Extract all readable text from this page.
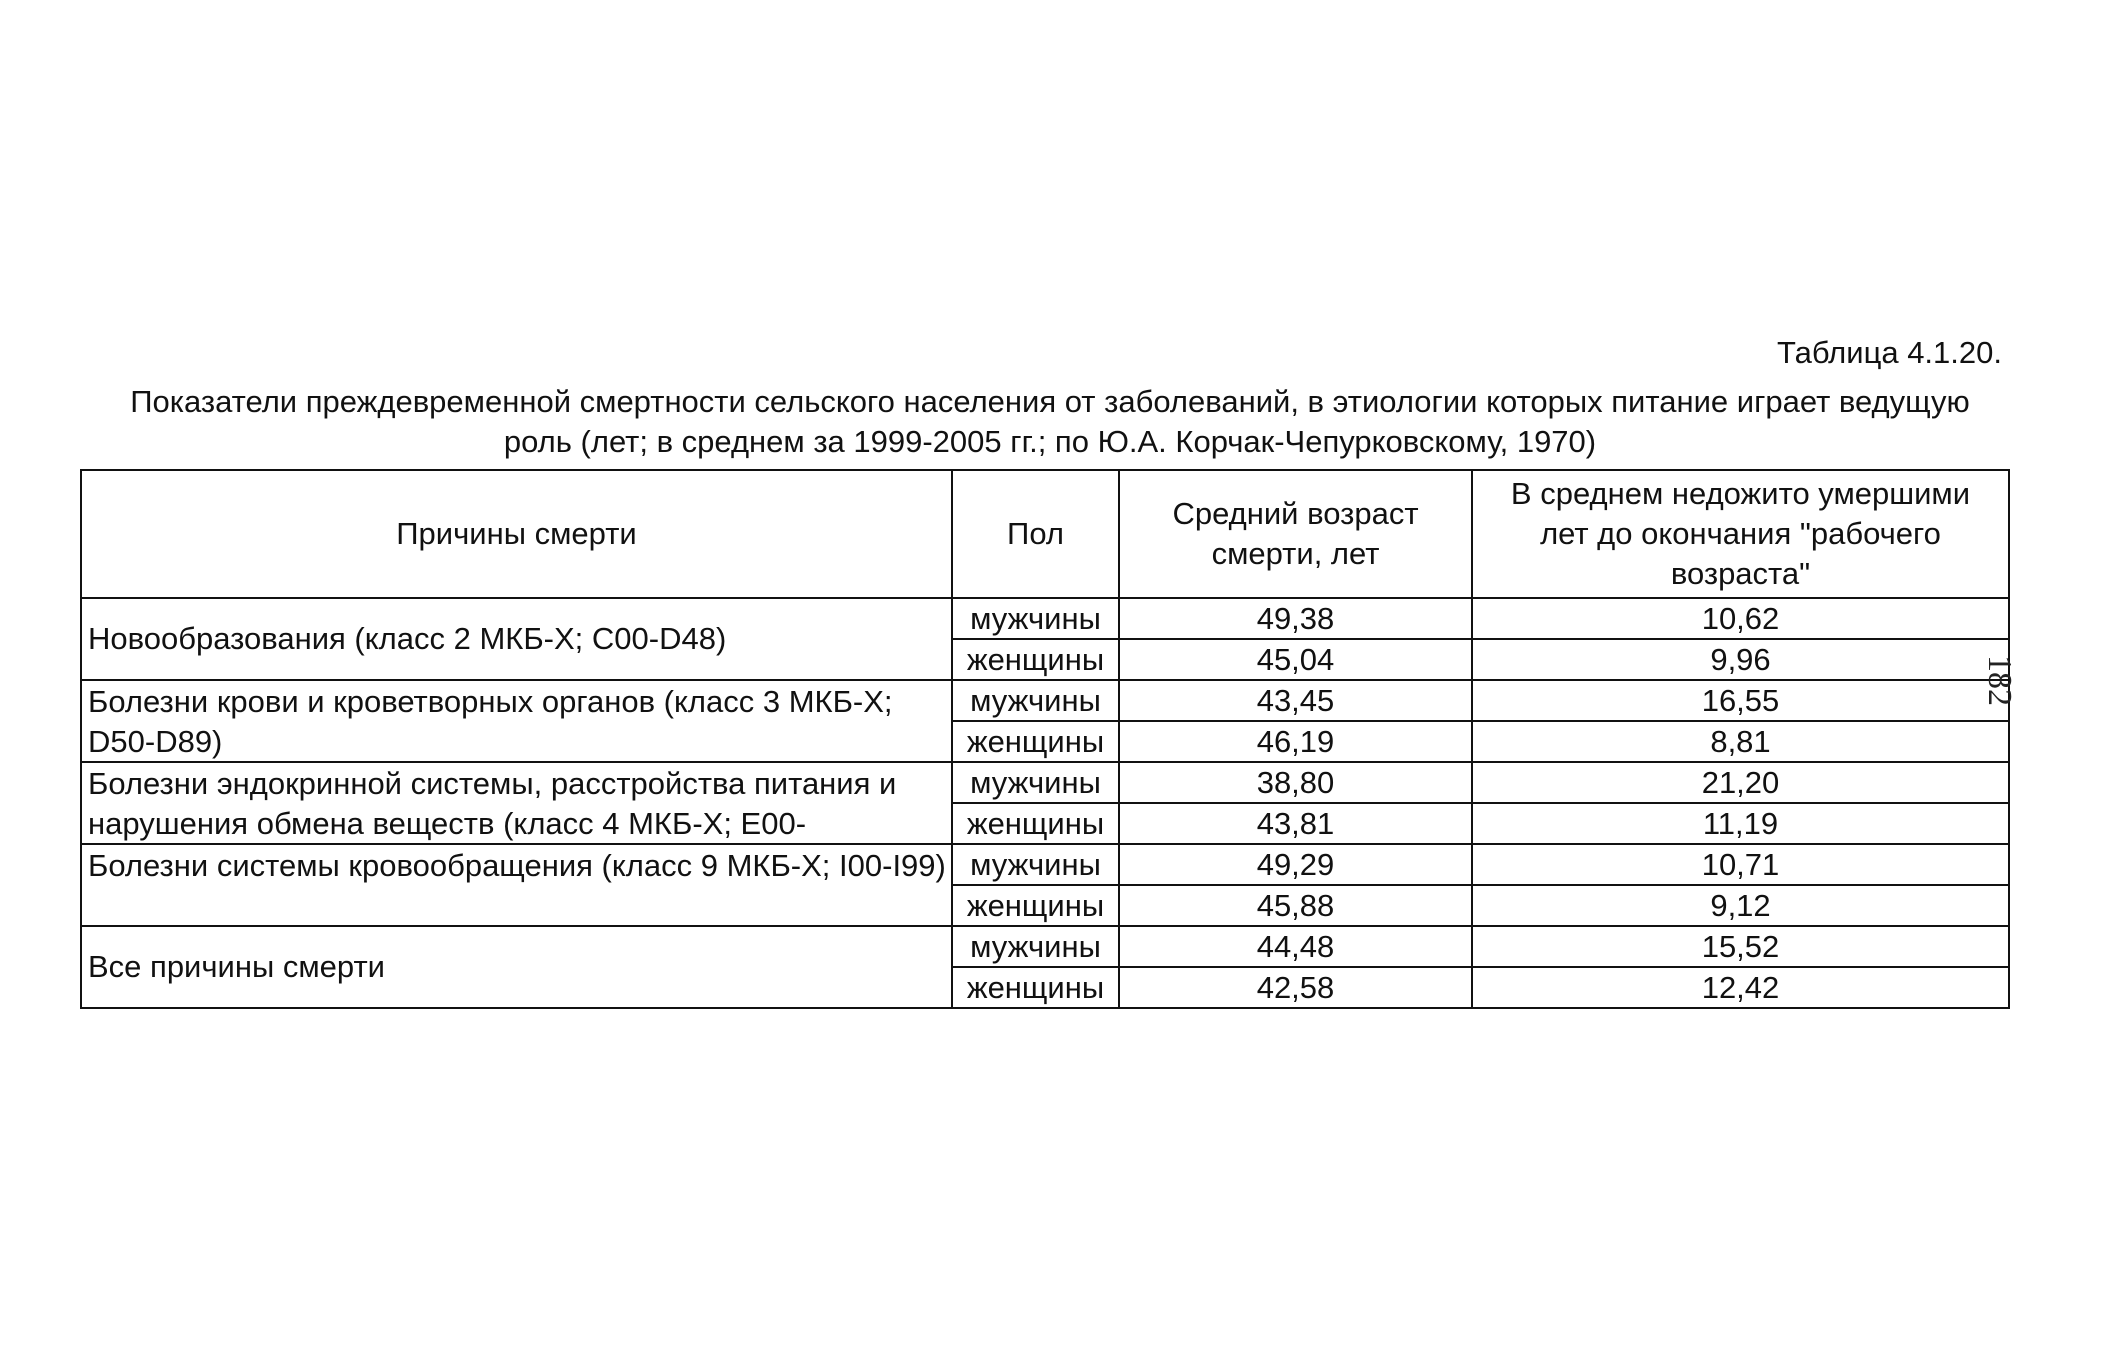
Таблица 4.1.20.
Показатели преждевременной смертности сельского населения от заболеваний, в этиологии которых питание играет ведущую роль (лет; в среднем за 1999-2005 гг.; по Ю.А. Корчак-Чепурковскому, 1970)
Причины смерти	Пол	Средний возраст смерти, лет	В среднем недожито умершими лет до окончания "рабочего возраста"

Новообразования (класс 2 МКБ-Х; С00-D48)	мужчины	49,38	10,62
	женщины	45,04	9,96

Болезни крови и кроветворных органов (класс 3 МКБ-Х; D50-D89)	мужчины	43,45	16,55
	женщины	46,19	8,81

Болезни эндокринной системы, расстройства питания и нарушения обмена веществ (класс 4 МКБ-Х; E00-	мужчины	38,80	21,20
	женщины	43,81	11,19

Болезни системы кровообращения (класс 9 МКБ-Х; I00-I99)	мужчины	49,29	10,71
	женщины	45,88	9,12

Все причины смерти	мужчины	44,48	15,52
	женщины	42,58	12,42
182
